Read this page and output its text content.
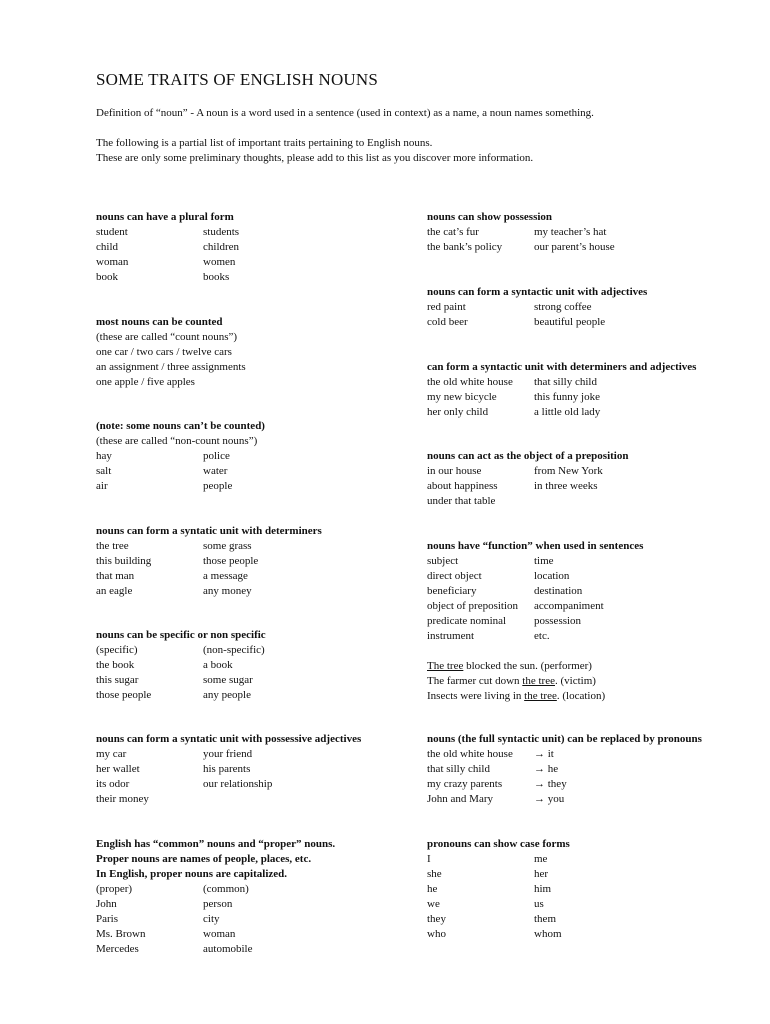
SOME TRAITS OF ENGLISH NOUNS

Definition of “noun” - A noun is a word used in a sentence (used in context) as a name, a noun names something.

The following is a partial list of important traits pertaining to English nouns.

These are only some preliminary thoughts, please add to this list as you discover more information.

nouns can have a plural form
student	students
child	children
woman	women
book	books
most nouns can be counted
(these are called “count nouns”)
one car / two cars / twelve cars
an assignment / three assignments
one apple / five apples
(note: some nouns can’t be counted)
(these are called “non-count nouns”)
hay	police
salt	water
air	people
nouns can form a syntatic unit with determiners
the tree	some grass
this building	those people
that man	a message
an eagle	any money
nouns can be specific or non specific
(specific)	(non-specific)
the book	a book
this sugar	some sugar
those people	any people
nouns can form a syntatic unit with possessive adjectives
my car	your friend
her wallet	his parents
its odor	our relationship
their money
English has “common” nouns and “proper” nouns.
Proper nouns are names of people, places, etc.
In English, proper nouns are capitalized.
(proper)	(common)
John	person
Paris	city
Ms. Brown	woman
Mercedes	automobile
nouns can show possession
the cat’s fur	my teacher’s hat
the bank’s policy	our parent’s house
nouns can form a syntactic unit with adjectives
red paint	strong coffee
cold beer	beautiful people
can form a syntactic unit with determiners and adjectives
the old white house	that silly child
my new bicycle	this funny joke
her only child	a little old lady
nouns can act as the object of a preposition
in our house	from New York
about happiness	in three weeks
under that table
nouns have “function” when used in sentences
subject	time
direct object	location
beneficiary	destination
object of preposition	accompaniment
predicate nominal	possession
instrument	etc.
The tree blocked the sun. (performer)
The farmer cut down the tree. (victim)
Insects were living in the tree. (location)
nouns (the full syntactic unit) can be replaced by pronouns
the old white house	→ it
that silly child	→ he
my crazy parents	→ they
John and Mary	→ you
pronouns can show case forms
I	me
she	her
he	him
we	us
they	them
who	whom
